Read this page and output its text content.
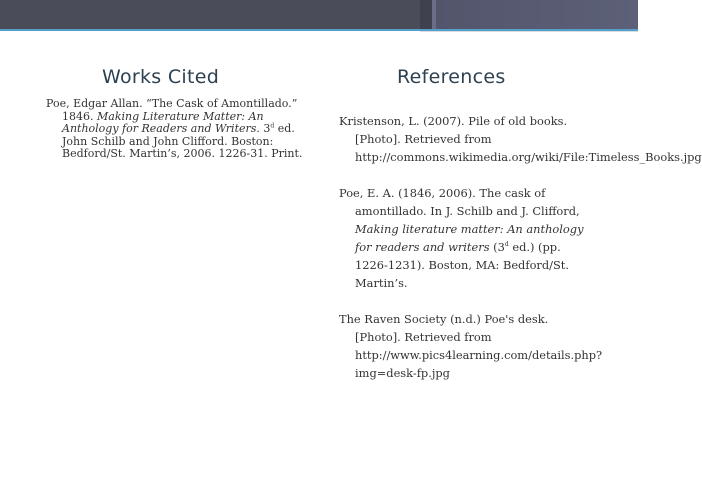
Works Cited	References

Poe, Edgar Allan. “The Cask of Amontillado.” 1846. Making Literature Matter: An Anthology for Readers and Writers. 3$^d$ ed. John Schilb and John Clifford. Boston: Bedford/St. Martin’s, 2006. 1226-31. Print.

Kristenson, L. (2007). Pile of old books. [Photo]. Retrieved from http://commons.wikimedia.org/wiki/File:Timeless_Books.jpg

Poe, E. A. (1846, 2006). The cask of amontillado. In J. Schilb and J. Clifford, Making literature matter: An anthology for readers and writers (3$^d$ ed.) (pp. 1226-1231). Boston, MA: Bedford/St. Martin’s.

The Raven Society (n.d.) Poe's desk. [Photo]. Retrieved from http://www.pics4learning.com/details.php?img=desk-fp.jpg
